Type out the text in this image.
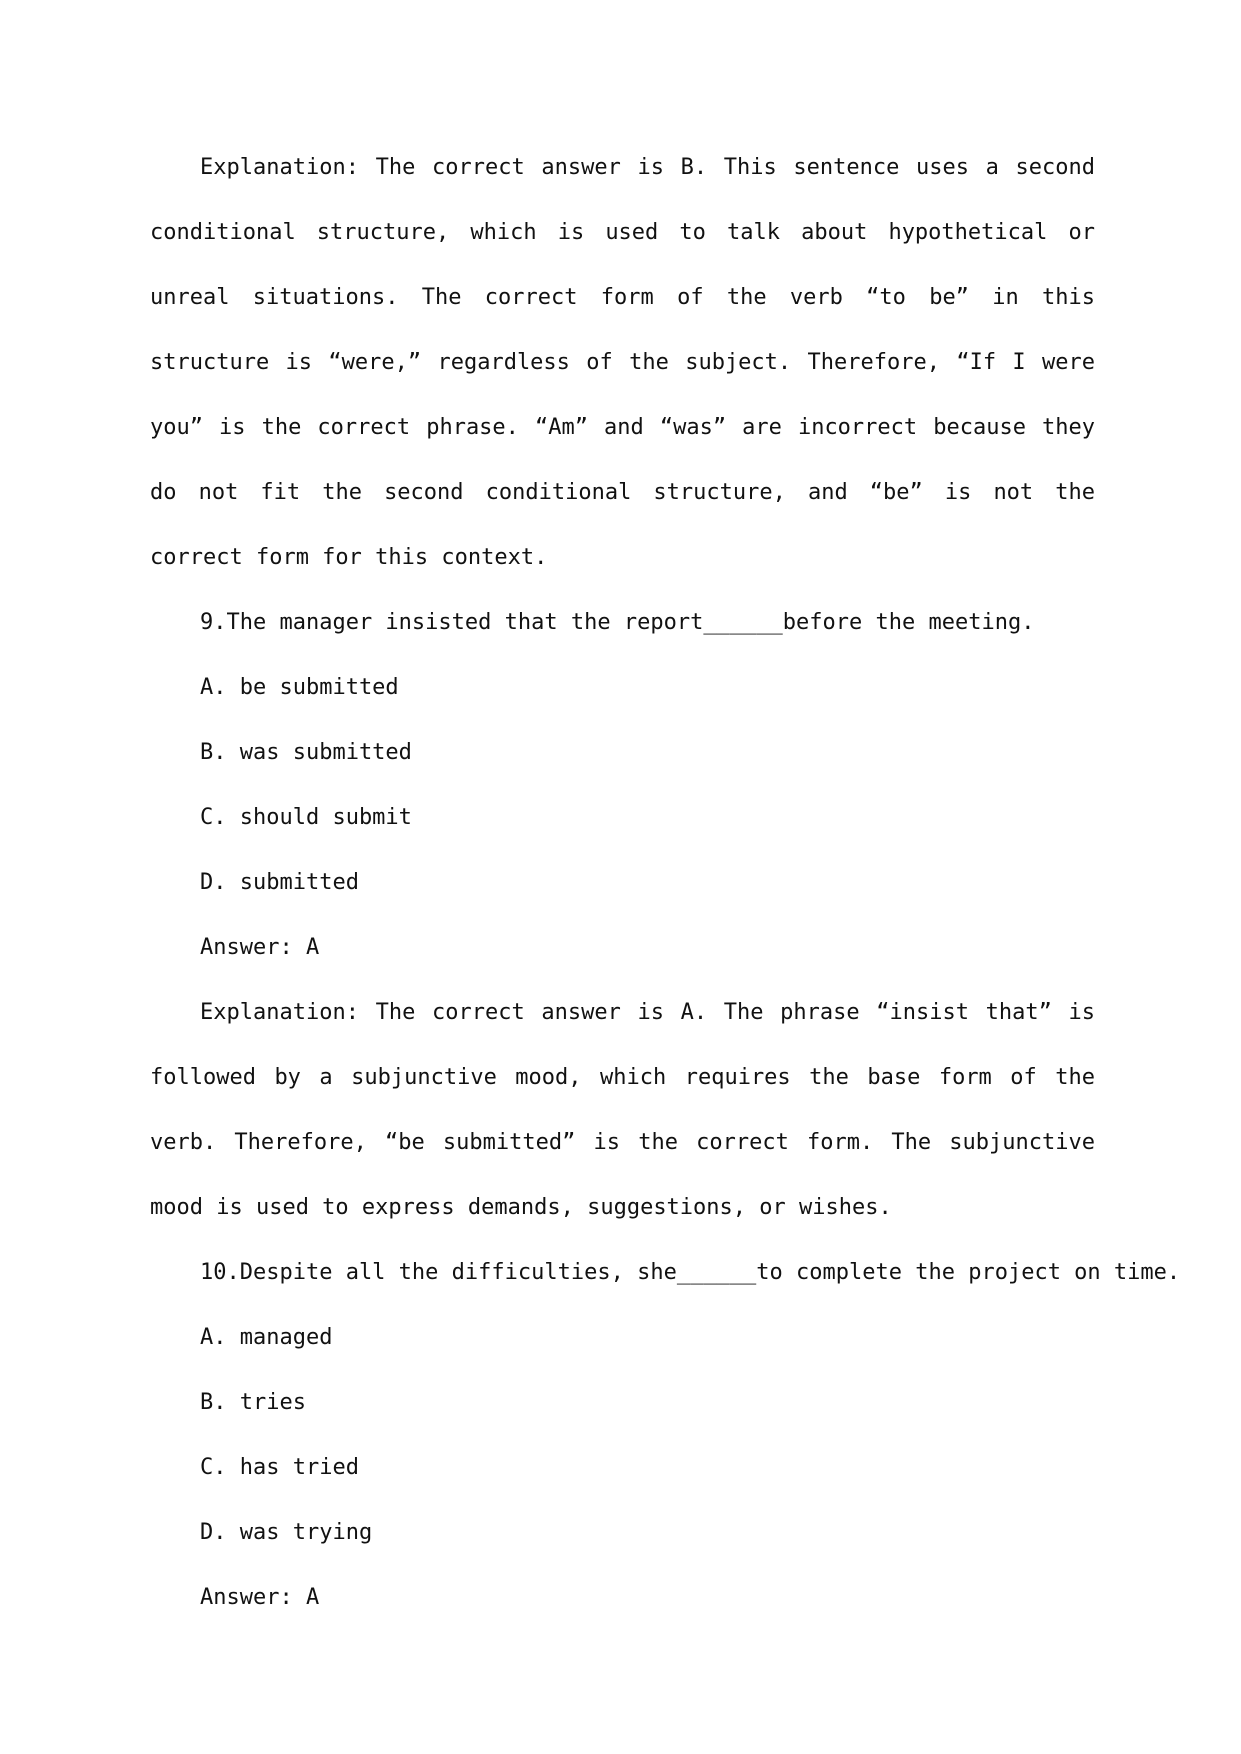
Explanation: The correct answer is B. This sentence uses a second conditional structure, which is used to talk about hypothetical or unreal situations. The correct form of the verb “to be” in this structure is “were,” regardless of the subject. Therefore, “If I were you” is the correct phrase. “Am” and “was” are incorrect because they do not fit the second conditional structure, and “be” is not the correct form for this context.

9.The manager insisted that the report______before the meeting.

A. be submitted

B. was submitted

C. should submit

D. submitted

Answer: A

Explanation: The correct answer is A. The phrase “insist that” is followed by a subjunctive mood, which requires the base form of the verb. Therefore, “be submitted” is the correct form. The subjunctive mood is used to express demands, suggestions, or wishes.

10.Despite all the difficulties, she______to complete the project on time.

A. managed

B. tries

C. has tried

D. was trying

Answer: A
